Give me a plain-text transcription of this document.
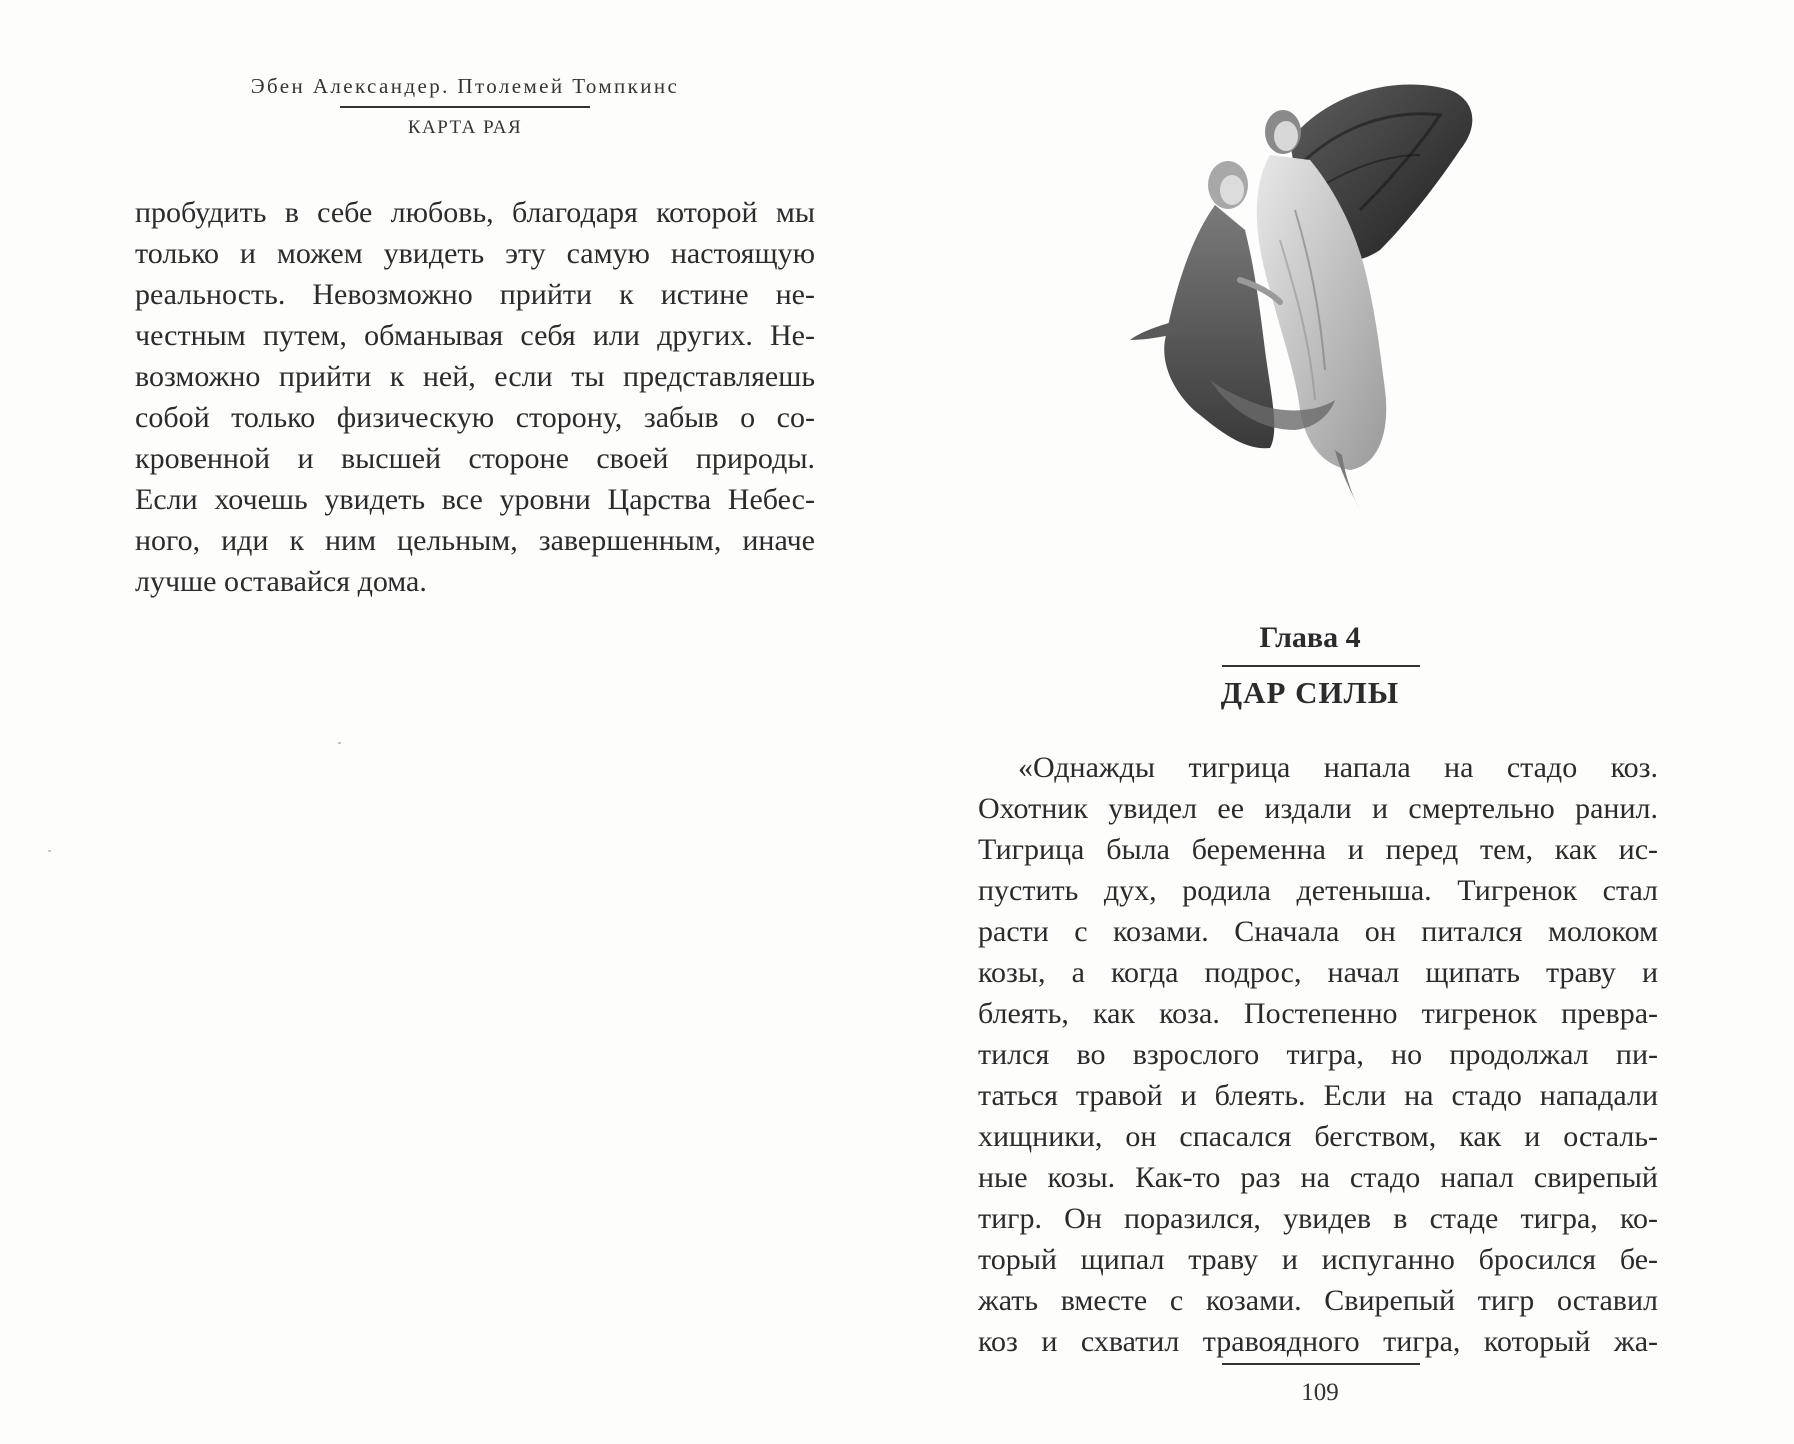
Эбен Александер. Птолемей Томпкинс
КАРТА РАЯ
пробудить в себе любовь, благодаря которой мы
только и можем увидеть эту самую настоящую
реальность. Невозможно прийти к истине не-
честным путем, обманывая себя или других. Не-
возможно прийти к ней, если ты представляешь
собой только физическую сторону, забыв о со-
кровенной и высшей стороне своей природы.
Если хочешь увидеть все уровни Царства Небес-
ного, иди к ним цельным, завершенным, иначе
лучше оставайся дома.
Глава 4
ДАР СИЛЫ
«Однажды тигрица напала на стадо коз.
Охотник увидел ее издали и смертельно ранил.
Тигрица была беременна и перед тем, как ис-
пустить дух, родила детеныша. Тигренок стал
расти с козами. Сначала он питался молоком
козы, а когда подрос, начал щипать траву и
блеять, как коза. Постепенно тигренок превра-
тился во взрослого тигра, но продолжал пи-
таться травой и блеять. Если на стадо нападали
хищники, он спасался бегством, как и осталь-
ные козы. Как-то раз на стадо напал свирепый
тигр. Он поразился, увидев в стаде тигра, ко-
торый щипал траву и испуганно бросился бе-
жать вместе с козами. Свирепый тигр оставил
коз и схватил травоядного тигра, который жа-
109
